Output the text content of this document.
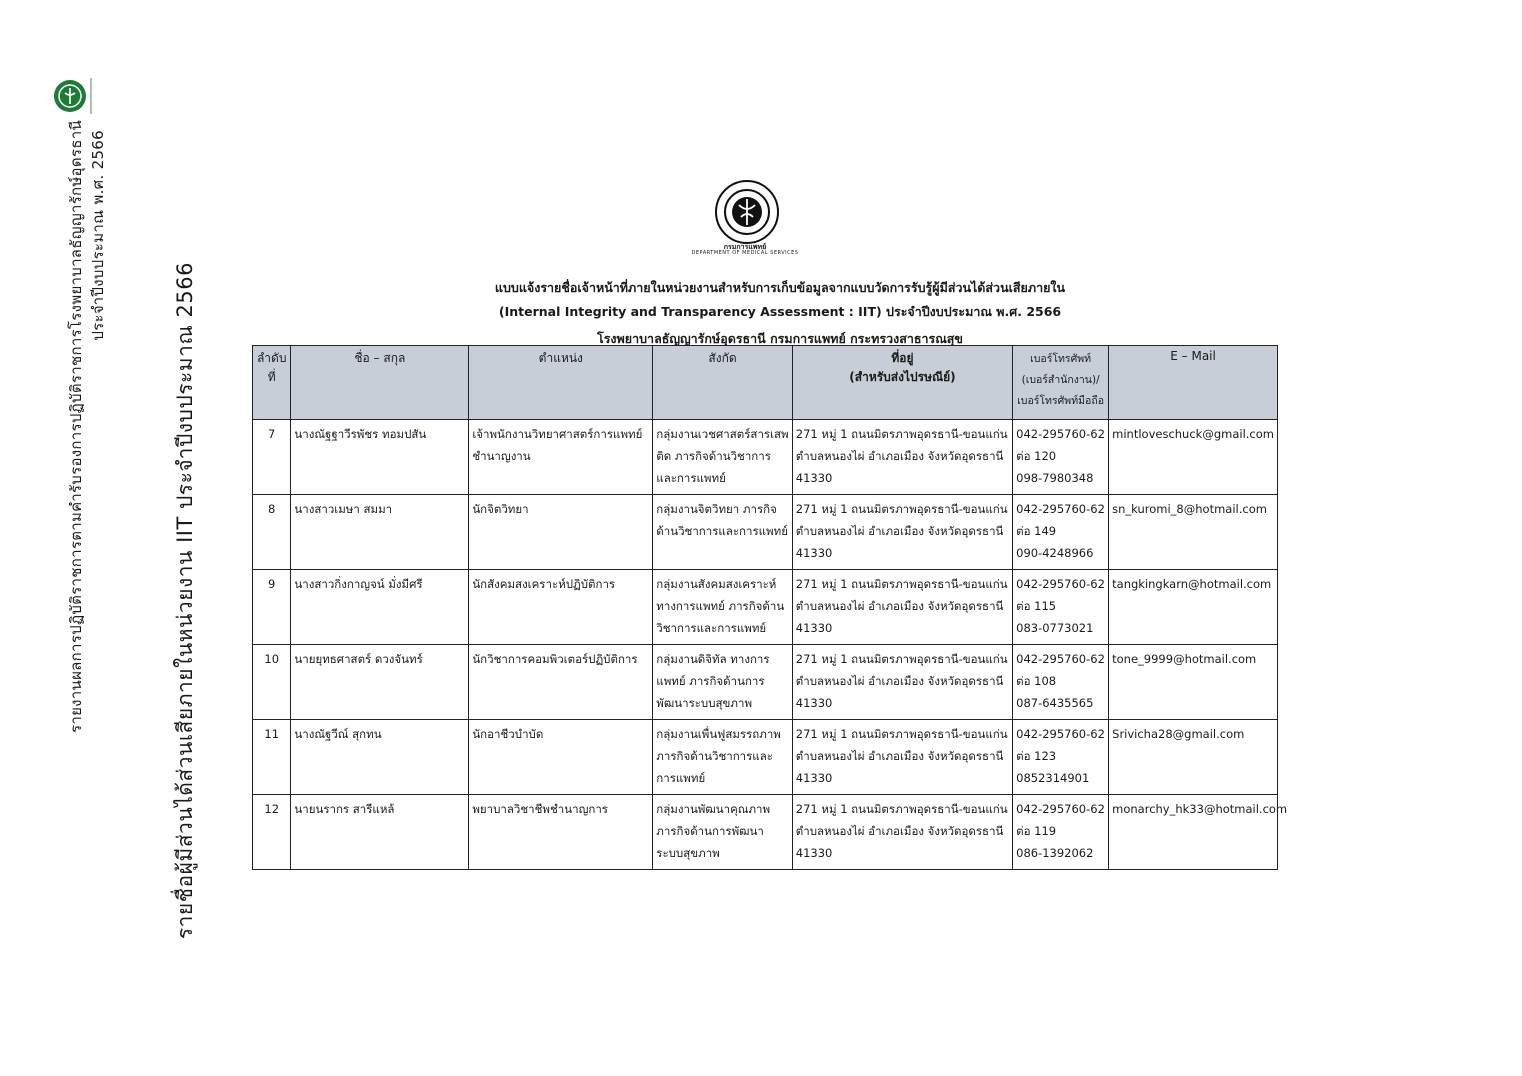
รายงานผลการปฏิบัติราชการตามคำรับรองการปฏิบัติราชการโรงพยาบาลธัญญารักษ์อุดรธานี ประจำปีงบประมาณ พ.ศ. 2566
รายชื่อผู้มีส่วนได้ส่วนเสียภายในหน่วยงาน IIT ประจำปีงบประมาณ 2566
กรมการแพทย์
DEPARTMENT OF MEDICAL SERVICES
แบบแจ้งรายชื่อเจ้าหน้าที่ภายในหน่วยงานสำหรับการเก็บข้อมูลจากแบบวัดการรับรู้ผู้มีส่วนได้ส่วนเสียภายใน
(Internal Integrity and Transparency Assessment : IIT) ประจำปีงบประมาณ พ.ศ. 2566
โรงพยาบาลธัญญารักษ์อุดรธานี กรมการแพทย์ กระทรวงสาธารณสุข
ลำดับที่	ชื่อ – สกุล	ตำแหน่ง	สังกัด	ที่อยู่
(สำหรับส่งไปรษณีย์)	เบอร์โทรศัพท์
(เบอร์สำนักงาน)/
เบอร์โทรศัพท์มือถือ	E – Mail
7	นางณัฐฐาวีรพัชร ทอมปสัน	เจ้าพนักงานวิทยาศาสตร์การแพทย์ชำนาญงาน	กลุ่มงานเวชศาสตร์สารเสพติด ภารกิจด้านวิชาการและการแพทย์	271 หมู่ 1 ถนนมิตรภาพอุดรธานี-ขอนแก่น ตำบลหนองไผ่ อำเภอเมือง จังหวัดอุดรธานี 41330	042-295760-62
ต่อ 120
098-7980348	mintloveschuck@gmail.com
8	นางสาวเมษา สมมา	นักจิตวิทยา	กลุ่มงานจิตวิทยา ภารกิจด้านวิชาการและการแพทย์	271 หมู่ 1 ถนนมิตรภาพอุดรธานี-ขอนแก่น ตำบลหนองไผ่ อำเภอเมือง จังหวัดอุดรธานี 41330	042-295760-62
ต่อ 149
090-4248966	sn_kuromi_8@hotmail.com
9	นางสาวกิ่งกาญจน์ มั่งมีศรี	นักสังคมสงเคราะห์ปฏิบัติการ	กลุ่มงานสังคมสงเคราะห์ทางการแพทย์ ภารกิจด้านวิชาการและการแพทย์	271 หมู่ 1 ถนนมิตรภาพอุดรธานี-ขอนแก่น ตำบลหนองไผ่ อำเภอเมือง จังหวัดอุดรธานี 41330	042-295760-62
ต่อ 115
083-0773021	tangkingkarn@hotmail.com
10	นายยุทธศาสตร์ ดวงจันทร์	นักวิชาการคอมพิวเตอร์ปฏิบัติการ	กลุ่มงานดิจิทัล ทางการแพทย์ ภารกิจด้านการพัฒนาระบบสุขภาพ	271 หมู่ 1 ถนนมิตรภาพอุดรธานี-ขอนแก่น ตำบลหนองไผ่ อำเภอเมือง จังหวัดอุดรธานี 41330	042-295760-62
ต่อ 108
087-6435565	tone_9999@hotmail.com
11	นางณัฐวีณ์ สุกทน	นักอาชีวบำบัด	กลุ่มงานเพื่นฟูสมรรถภาพ ภารกิจด้านวิชาการและการแพทย์	271 หมู่ 1 ถนนมิตรภาพอุดรธานี-ขอนแก่น ตำบลหนองไผ่ อำเภอเมือง จังหวัดอุดรธานี 41330	042-295760-62
ต่อ 123
0852314901	Srivicha28@gmail.com
12	นายนรากร สารีแหล้	พยาบาลวิชาชีพชำนาญการ	กลุ่มงานพัฒนาคุณภาพ ภารกิจด้านการพัฒนาระบบสุขภาพ	271 หมู่ 1 ถนนมิตรภาพอุดรธานี-ขอนแก่น ตำบลหนองไผ่ อำเภอเมือง จังหวัดอุดรธานี 41330	042-295760-62
ต่อ 119
086-1392062	monarchy_hk33@hotmail.com
